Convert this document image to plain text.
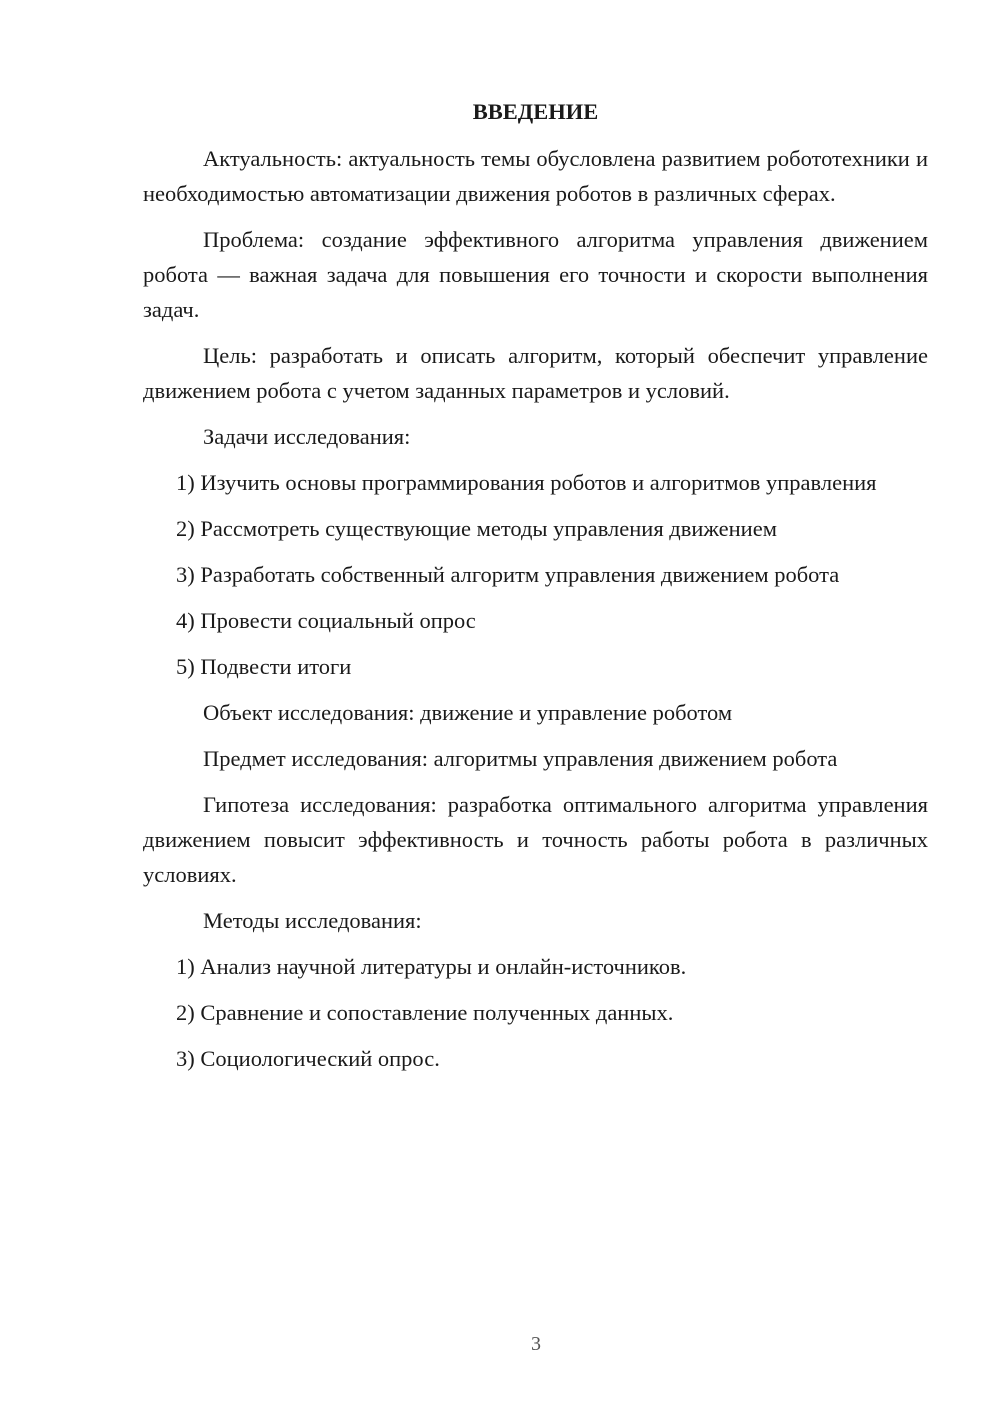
ВВЕДЕНИЕ
Актуальность: актуальность темы обусловлена развитием робототехники и необходимостью автоматизации движения роботов в различных сферах.
Проблема: создание эффективного алгоритма управления движением робота — важная задача для повышения его точности и скорости выполнения задач.
Цель: разработать и описать алгоритм, который обеспечит управление движением робота с учетом заданных параметров и условий.
Задачи исследования:
1) Изучить основы программирования роботов и алгоритмов управления
2) Рассмотреть существующие методы управления движением
3) Разработать собственный алгоритм управления движением робота
4) Провести социальный опрос
5) Подвести итоги
Объект исследования: движение и управление роботом
Предмет исследования: алгоритмы управления движением робота
Гипотеза исследования: разработка оптимального алгоритма управления движением повысит эффективность и точность работы робота в различных условиях.
Методы исследования:
1) Анализ научной литературы и онлайн-источников.
2) Сравнение и сопоставление полученных данных.
3) Социологический опрос.
3
